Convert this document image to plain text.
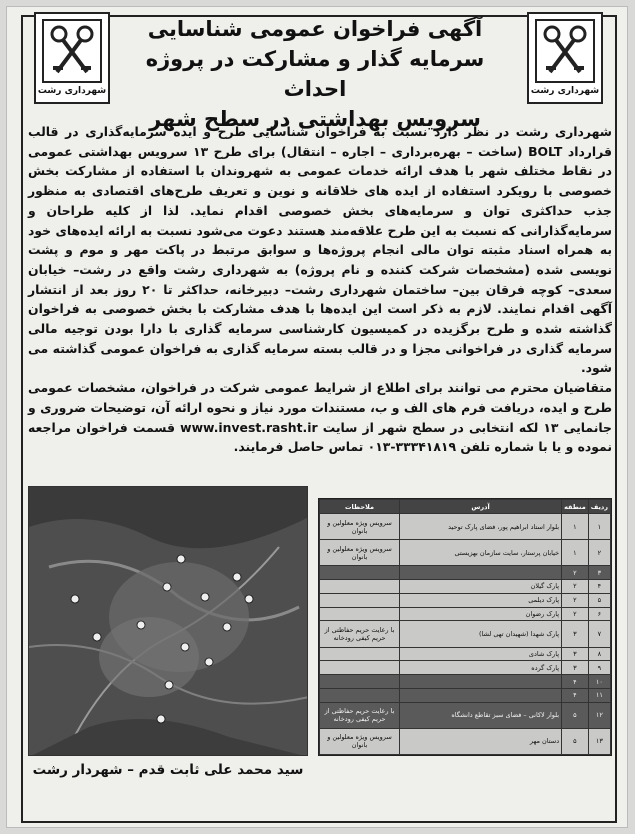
شهرداری رشت	شهرداری رشت
آگهی فراخوان عمومی شناسایی
سرمایه گذار و مشارکت در پروژه احداث
سرویس بهداشتی در سطح شهر

شهرداری رشت در نظر دارد نسبت به فراخوان شناسایی طرح و ایده سرمایه‌گذاری در قالب قرارداد BOLT (ساخت – بهره‌برداری – اجاره – انتقال) برای طرح ۱۳ سرویس بهداشتی عمومی در نقاط مختلف شهر با هدف ارائه خدمات عمومی به شهروندان با استفاده از مشارکت بخش خصوصی با رویکرد استفاده از ایده های خلاقانه و نوین و تعریف طرح‌های اقتصادی به منظور جذب حداکثری توان و سرمایه‌های بخش خصوصی اقدام نماید. لذا از کلیه طراحان و سرمایه‌گذارانی که نسبت به این طرح علاقه‌مند هستند دعوت می‌شود نسبت به ارائه ایده‌های خود به همراه اسناد مثبته توان مالی انجام پروژه‌ها و سوابق مرتبط در پاکت مهر و موم و پشت نویسی شده (مشخصات شرکت کننده و نام پروژه) به شهرداری رشت واقع در رشت– خیابان سعدی– کوچه فرقان بین– ساختمان شهرداری رشت– دبیرخانه، حداکثر تا ۲۰ روز بعد از انتشار آگهی اقدام نمایند. لازم به ذکر است این ایده‌ها با هدف مشارکت با بخش خصوصی به فراخوان گذاشته شده و طرح برگزیده در کمیسیون کارشناسی سرمایه گذاری با دارا بودن توجیه مالی سرمایه گذاری در فراخوانی مجزا و در قالب بسته سرمایه گذاری به فراخوان عمومی گذاشته می شود.

متقاضیان محترم می توانند برای اطلاع از شرایط عمومی شرکت در فراخوان، مشخصات عمومی طرح و ایده، دریافت فرم های الف و ب، مستندات مورد نیاز و نحوه ارائه آن، توضیحات ضروری و جانمایی ۱۳ لکه انتخابی در سطح شهر از سایت www.invest.rasht.ir قسمت فراخوان مراجعه نموده و یا با شماره تلفن ۳۳۳۴۱۸۱۹-۰۱۳ تماس حاصل فرمایند.

ردیف	منطقه	آدرس	ملاحظات
۱	۱	بلوار استاد ابراهیم پور، فضای پارک توحید	سرویس ویژه معلولین و بانوان
۲	۱	خیابان پرستار، سایت سازمان بهزیستی	سرویس ویژه معلولین و بانوان
۳	۲		
۴	۲	پارک گیلان	
۵	۲	پارک دیلمی	
۶	۲	پارک رضوان	
۷	۳	پارک شهدا (شهیدان تهی لشا)	با رعایت حریم حفاظتی از حریم کیفی رودخانه
۸	۳	پارک شادی	
۹	۳	پارک گرده	
۱۰	۴		
۱۱	۴		
۱۲	۵	بلوار لاکانی – فضای سبز تقاطع دانشگاه	با رعایت حریم حفاظتی از حریم کیفی رودخانه
۱۳	۵	دستان مهر	سرویس ویژه معلولین و بانوان
سید محمد علی ثابت قدم – شهردار رشت
